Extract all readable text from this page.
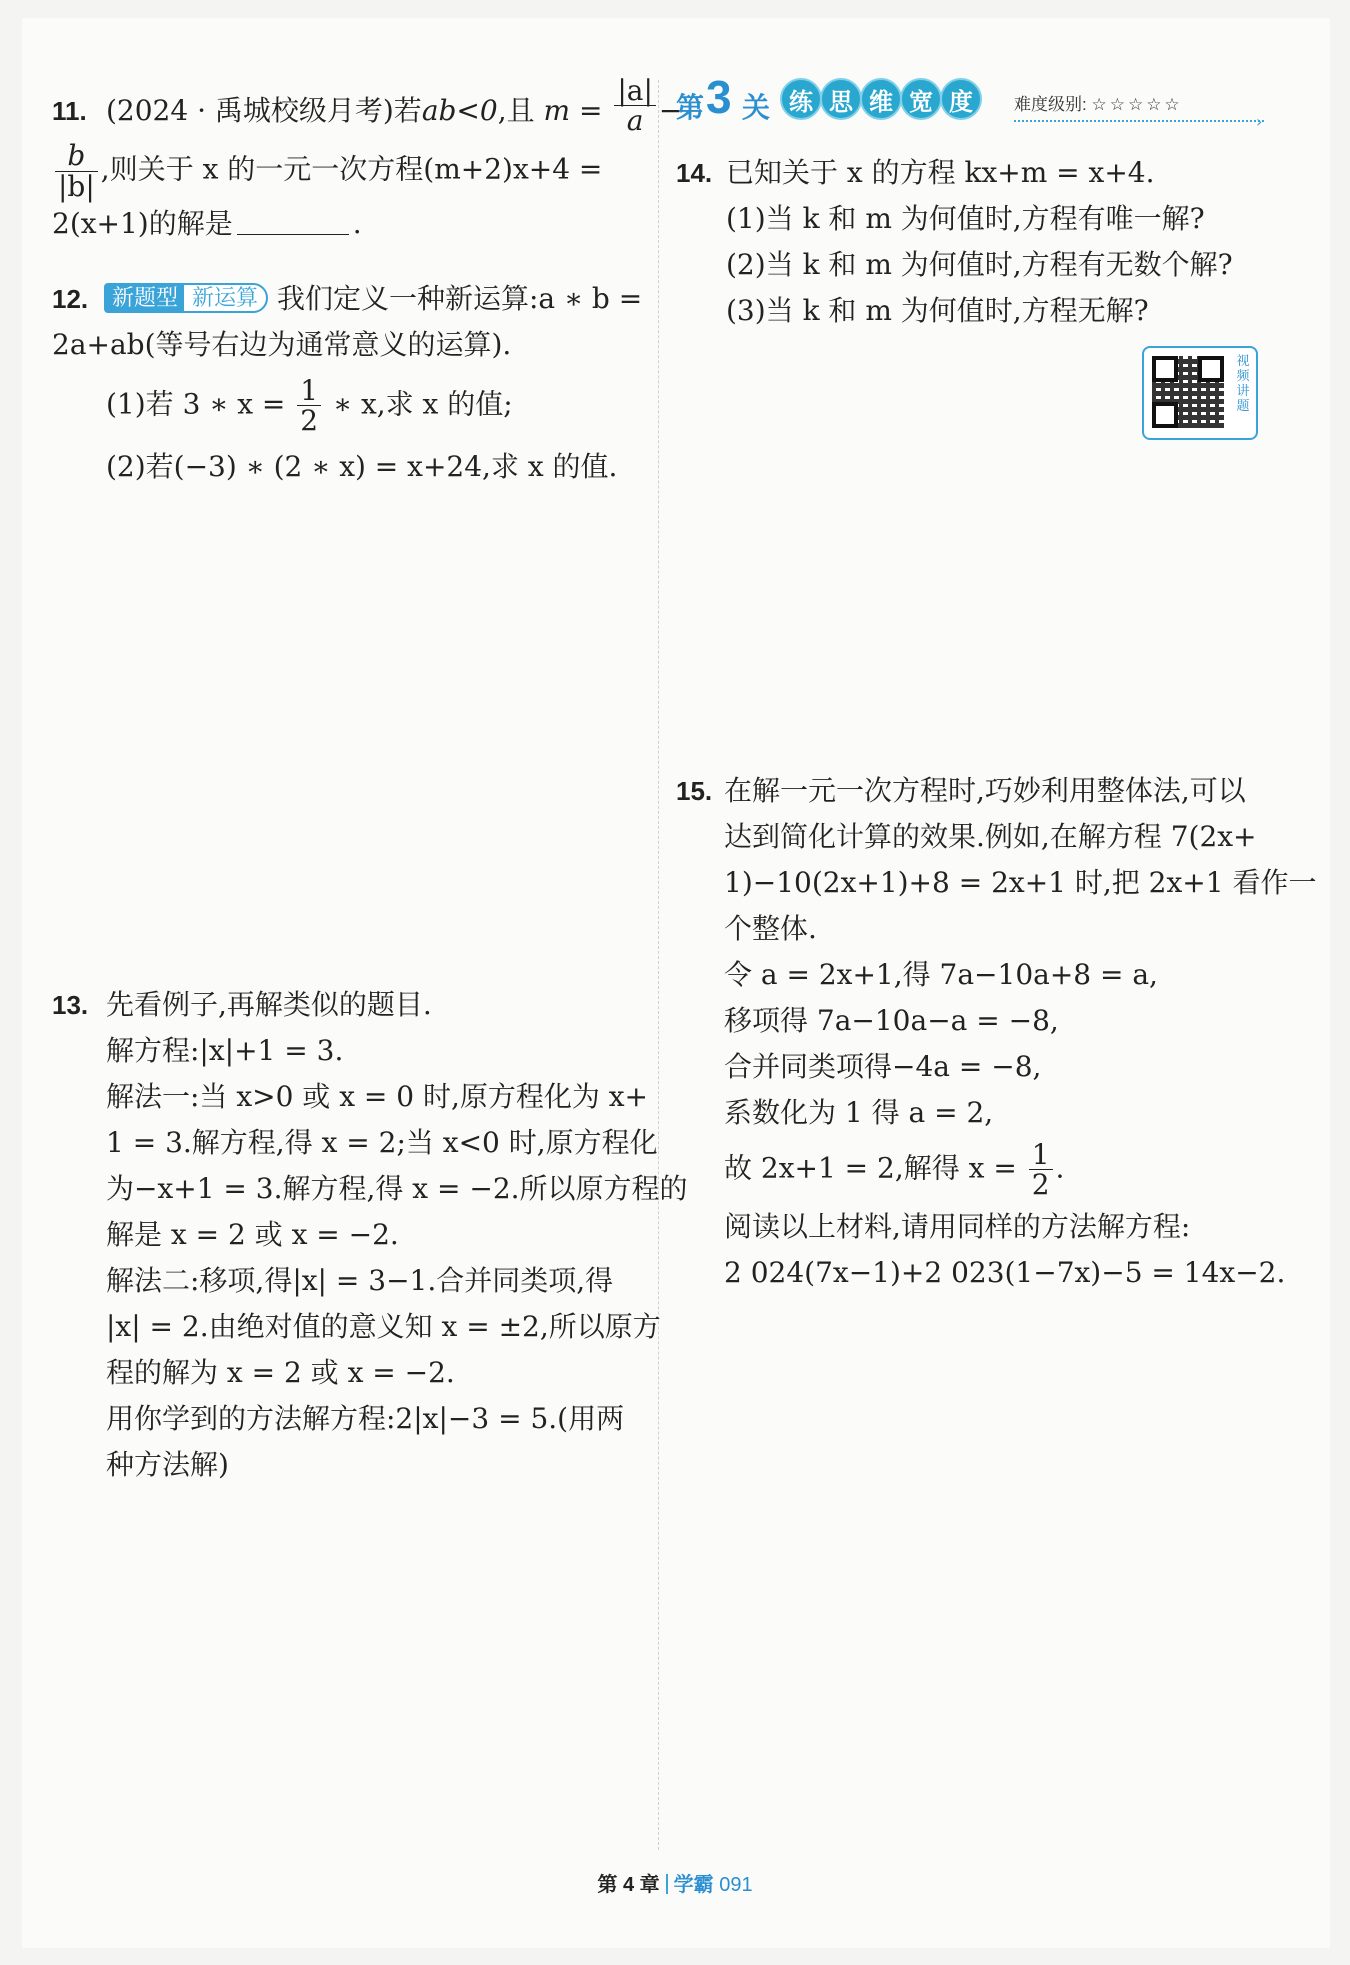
11. (2024 · 禹城校级月考)若ab<0,且 $m = \frac{|a|}{a}$ −
$\frac{b}{|b|}$ ,则关于 x 的一元一次方程(m+2)x+4 =
2(x+1)的解是	.
12.	新题型 新运算 我们定义一种新运算:a ∗ b =
2a+ab(等号右边为通常意义的运算).
(1)若 3 ∗ $x = \frac{1}{2}$ ∗ x,求 x 的值;
(2)若(−3) ∗ (2 ∗ x) = x+24,求 x 的值.
13. 先看例子,再解类似的题目.
解方程:|x|+1 = 3.
解法一:当 x>0 或 x = 0 时,原方程化为 x+
1 = 3.解方程,得 x = 2;当 x<0 时,原方程化
为−x+1 = 3.解方程,得 x = −2.所以原方程的
解是 x = 2 或 x = −2.
解法二:移项,得|x| = 3−1.合并同类项,得
|x| = 2.由绝对值的意义知 x = ±2,所以原方
程的解为 x = 2 或 x = −2.
用你学到的方法解方程:2|x|−3 = 5.(用两
种方法解)
第 3 关 练 思 维 宽 度	难度级别: ☆☆☆☆☆
›
14. 已知关于 x 的方程 kx+m = x+4.
(1)当 k 和 m 为何值时,方程有唯一解?
(2)当 k 和 m 为何值时,方程有无数个解?
(3)当 k 和 m 为何值时,方程无解?
15. 在解一元一次方程时,巧妙利用整体法,可以
达到简化计算的效果.例如,在解方程 7(2x+
1)−10(2x+1)+8 = 2x+1 时,把 2x+1 看作一
个整体.
令 a = 2x+1,得 7a−10a+8 = a,
移项得 7a−10a−a = −8,
合并同类项得−4a = −8,
系数化为 1 得 a = 2,
故 2x+1 = 2,解得 $x = \frac{1}{2}$ .
阅读以上材料,请用同样的方法解方程:
2 024(7x−1)+2 023(1−7x)−5 = 14x−2.
视频讲题
第 4 章 学霸 091
